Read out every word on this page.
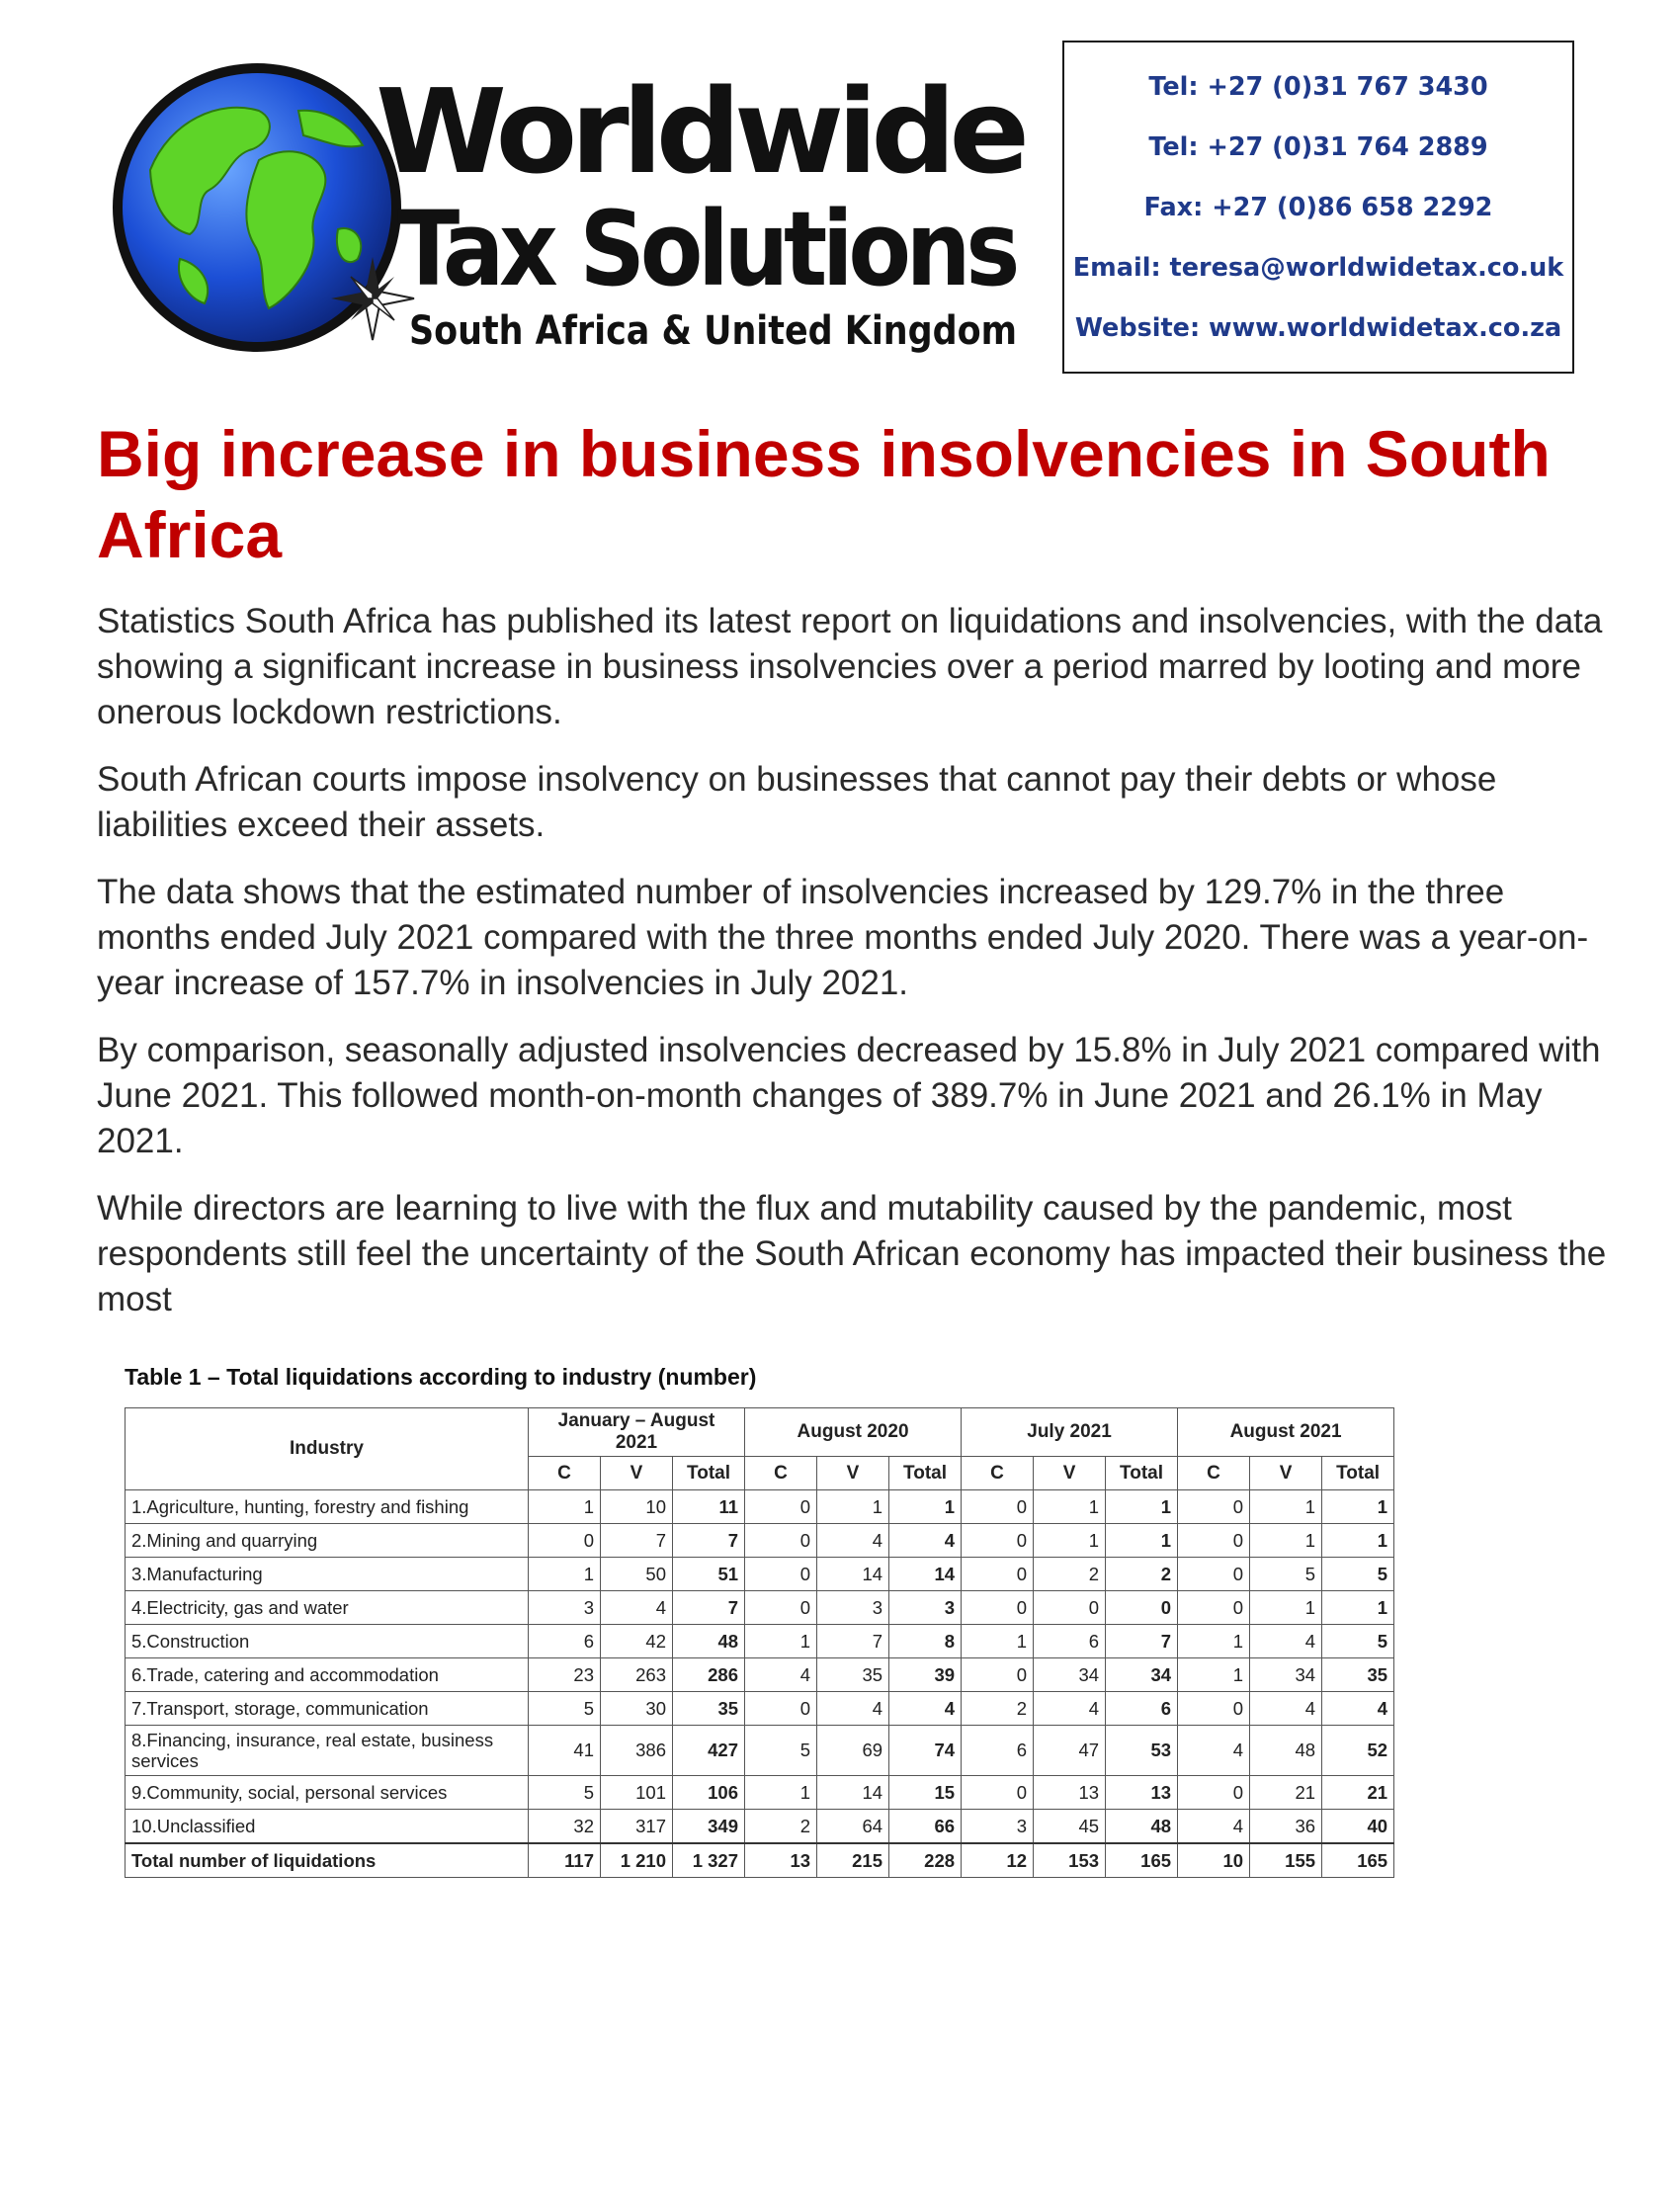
Worldwide
Tax Solutions
South Africa & United Kingdom
Tel: +27 (0)31 767 3430
Tel: +27 (0)31 764 2889
Fax: +27 (0)86 658 2292
Email: teresa@worldwidetax.co.uk
Website: www.worldwidetax.co.za
Big increase in business insolvencies in South Africa

Statistics South Africa has published its latest report on liquidations and insolvencies, with the data showing a significant increase in business insolvencies over a period marred by looting and more onerous lockdown restrictions.

South African courts impose insolvency on businesses that cannot pay their debts or whose liabilities exceed their assets.

The data shows that the estimated number of insolvencies increased by 129.7% in the three months ended July 2021 compared with the three months ended July 2020. There was a year-on-year increase of 157.7% in insolvencies in July 2021.

By comparison, seasonally adjusted insolvencies decreased by 15.8% in July 2021 compared with June 2021. This followed month-on-month changes of 389.7% in June 2021 and 26.1% in May 2021.

While directors are learning to live with the flux and mutability caused by the pandemic, most respondents still feel the uncertainty of the South African economy has impacted their business the most

Table 1 – Total liquidations according to industry (number)
Industry	January – August 2021			August 2020			July 2021			August 2021		
	C	V	Total	C	V	Total	C	V	Total	C	V	Total
1.Agriculture, hunting, forestry and fishing	1	10	11	0	1	1	0	1	1	0	1	1
2.Mining and quarrying	0	7	7	0	4	4	0	1	1	0	1	1
3.Manufacturing	1	50	51	0	14	14	0	2	2	0	5	5
4.Electricity, gas and water	3	4	7	0	3	3	0	0	0	0	1	1
5.Construction	6	42	48	1	7	8	1	6	7	1	4	5
6.Trade, catering and accommodation	23	263	286	4	35	39	0	34	34	1	34	35
7.Transport, storage, communication	5	30	35	0	4	4	2	4	6	0	4	4
8.Financing, insurance, real estate, business services	41	386	427	5	69	74	6	47	53	4	48	52
9.Community, social, personal services	5	101	106	1	14	15	0	13	13	0	21	21
10.Unclassified	32	317	349	2	64	66	3	45	48	4	36	40
Total number of liquidations	117	1 210	1 327	13	215	228	12	153	165	10	155	165
